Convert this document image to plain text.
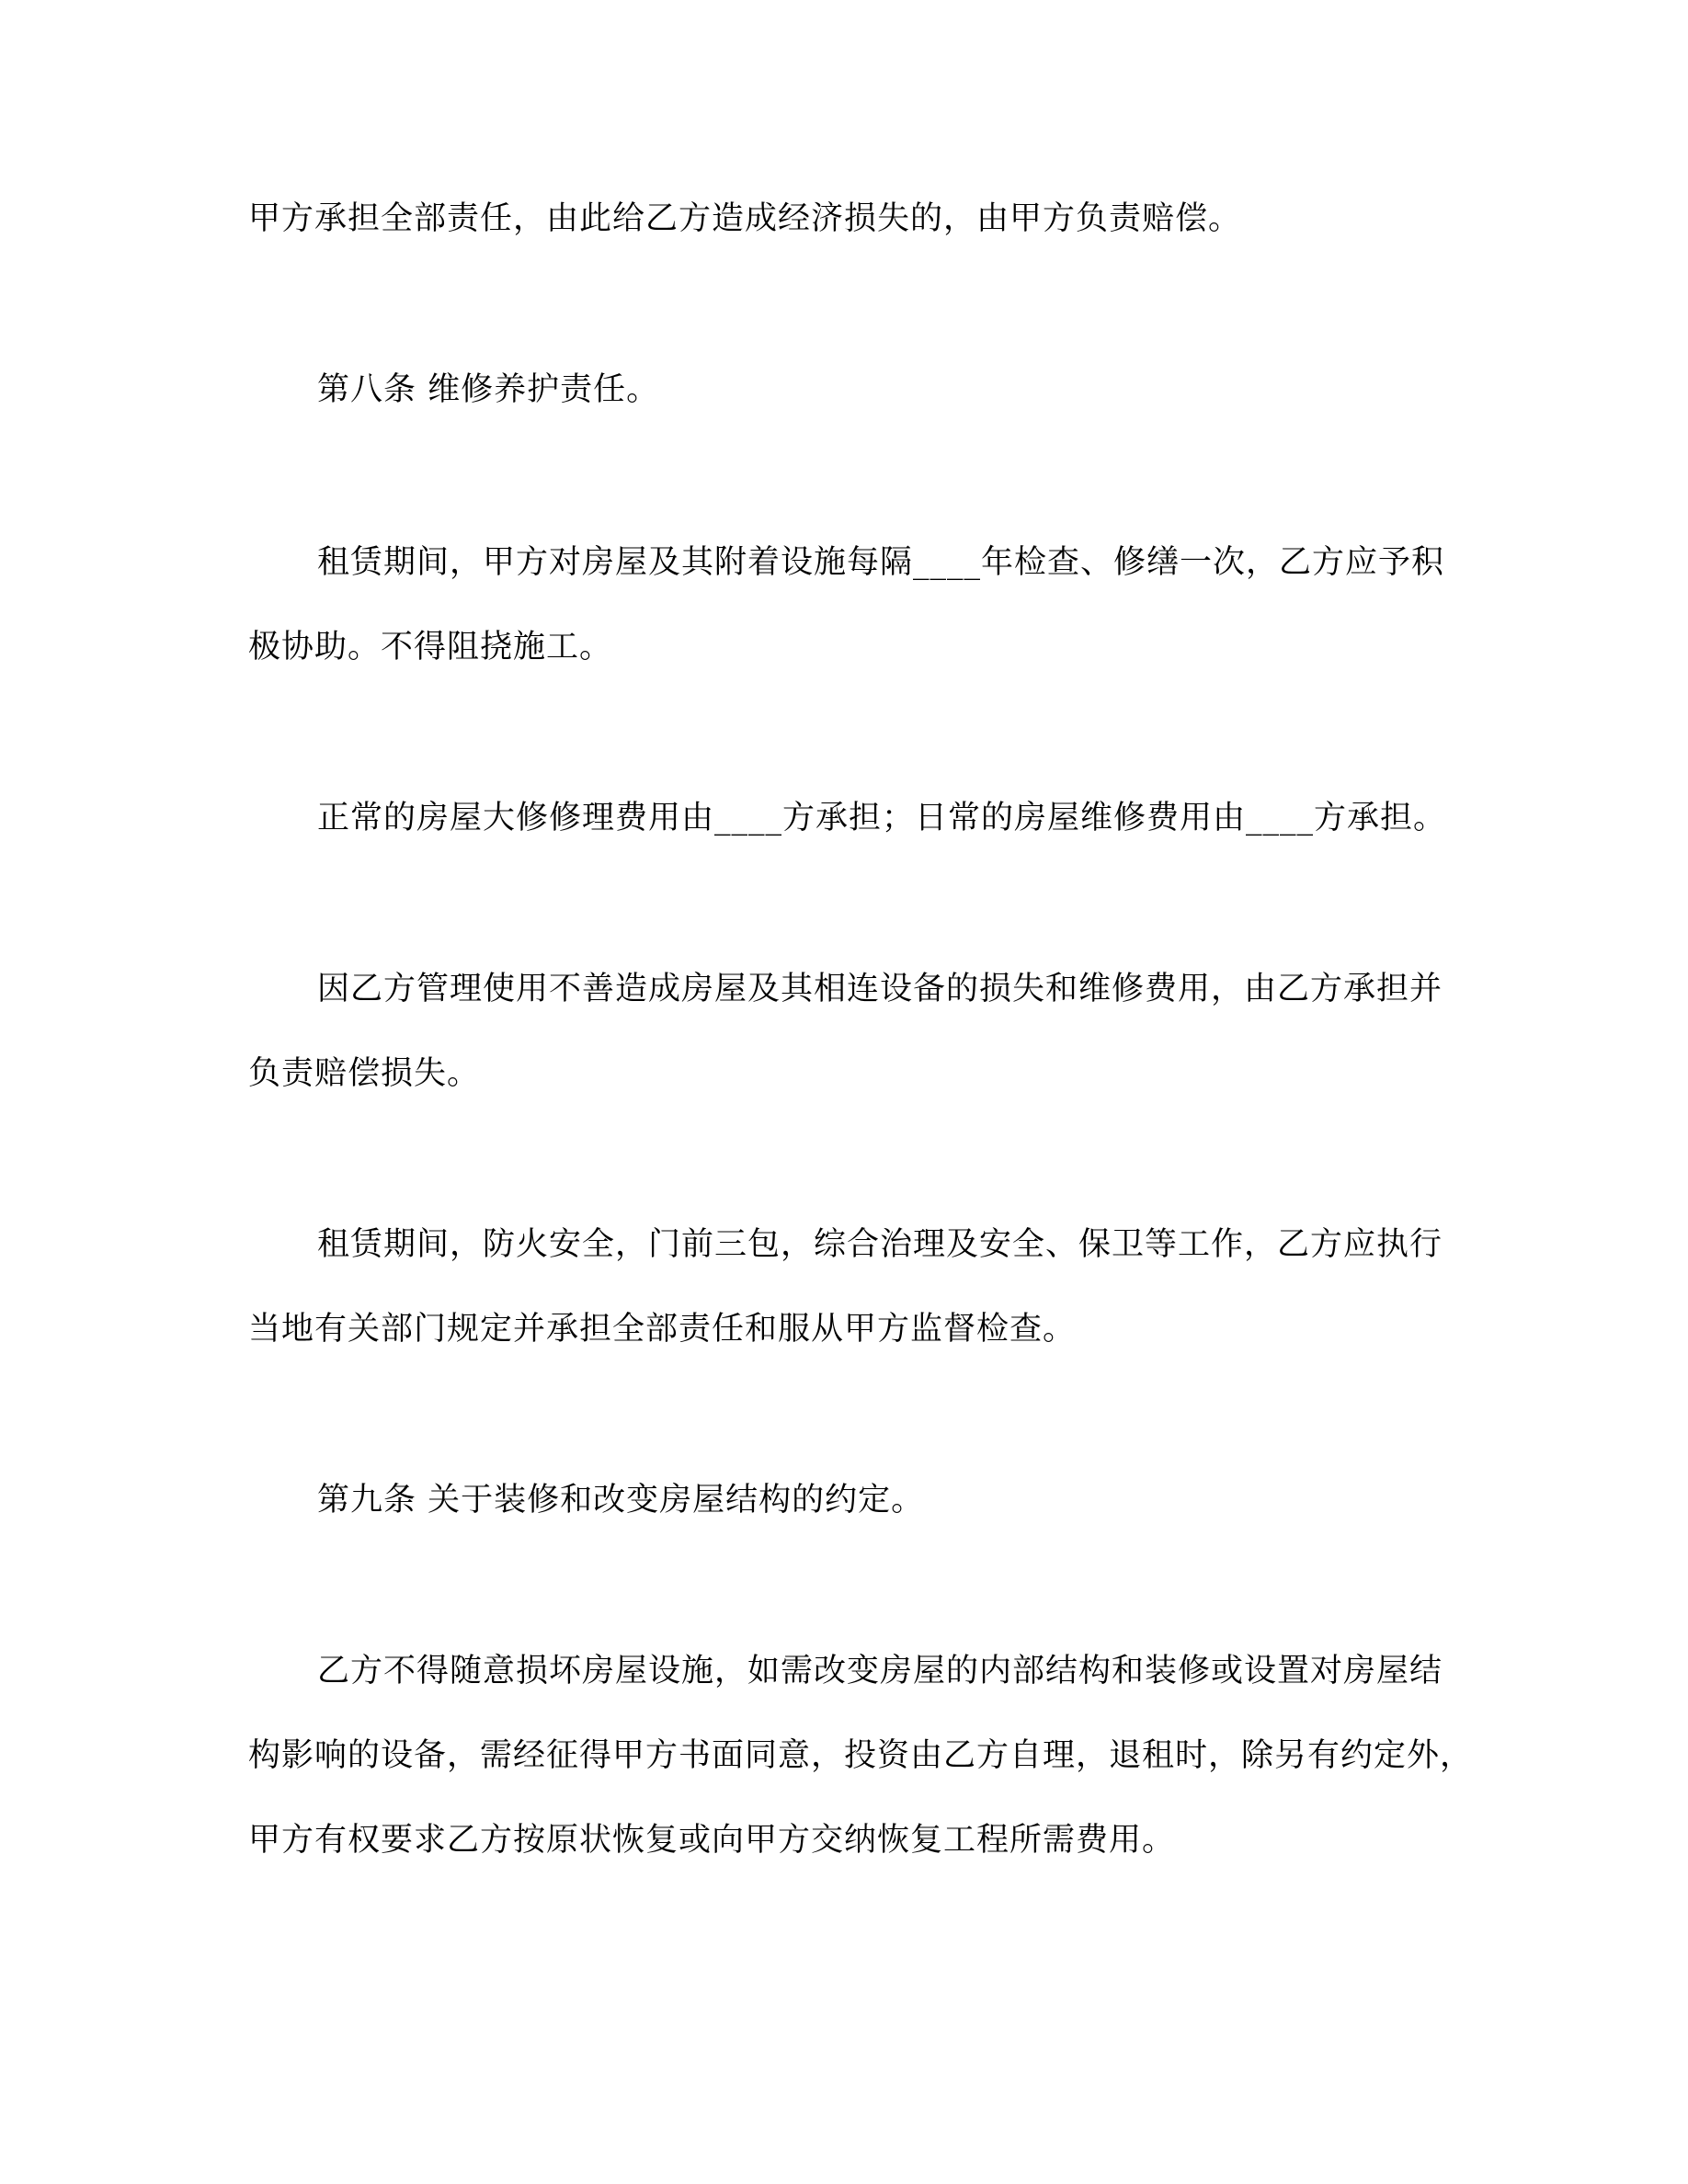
甲方承担全部责任，由此给乙方造成经济损失的，由甲方负责赔偿。
第八条 维修养护责任。
租赁期间，甲方对房屋及其附着设施每隔____年检查、修缮一次，乙方应予积
极协助。不得阻挠施工。
正常的房屋大修修理费用由____方承担；日常的房屋维修费用由____方承担。
因乙方管理使用不善造成房屋及其相连设备的损失和维修费用，由乙方承担并
负责赔偿损失。
租赁期间，防火安全，门前三包，综合治理及安全、保卫等工作，乙方应执行
当地有关部门规定并承担全部责任和服从甲方监督检查。
第九条 关于装修和改变房屋结构的约定。
乙方不得随意损坏房屋设施，如需改变房屋的内部结构和装修或设置对房屋结
构影响的设备，需经征得甲方书面同意，投资由乙方自理，退租时，除另有约定外，
甲方有权要求乙方按原状恢复或向甲方交纳恢复工程所需费用。
